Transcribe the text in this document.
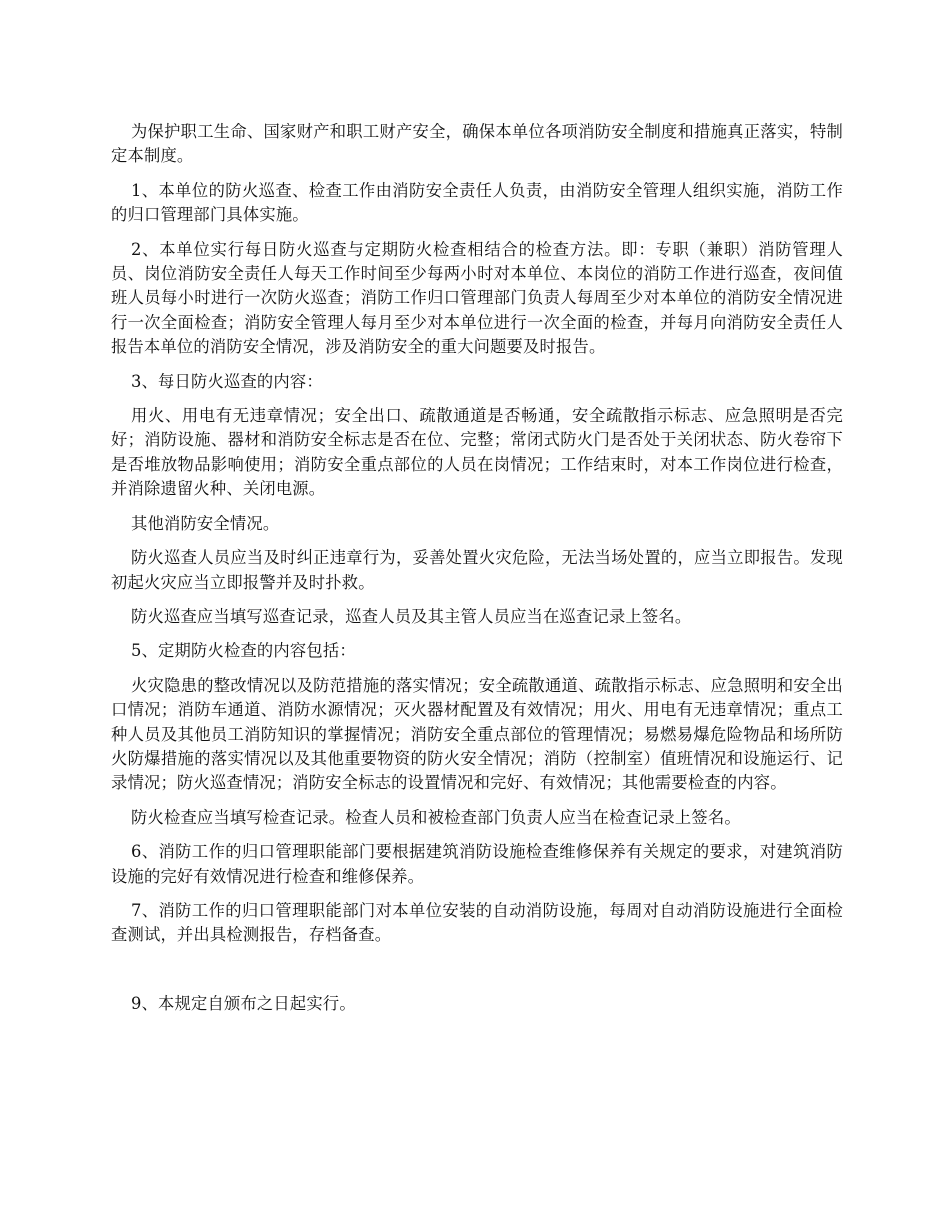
为保护职工生命、国家财产和职工财产安全，确保本单位各项消防安全制度和措施真正落实，特制定本制度。

1、本单位的防火巡查、检查工作由消防安全责任人负责，由消防安全管理人组织实施，消防工作的归口管理部门具体实施。

2、本单位实行每日防火巡查与定期防火检查相结合的检查方法。即：专职（兼职）消防管理人员、岗位消防安全责任人每天工作时间至少每两小时对本单位、本岗位的消防工作进行巡查，夜间值班人员每小时进行一次防火巡查；消防工作归口管理部门负责人每周至少对本单位的消防安全情况进行一次全面检查；消防安全管理人每月至少对本单位进行一次全面的检查，并每月向消防安全责任人报告本单位的消防安全情况，涉及消防安全的重大问题要及时报告。

3、每日防火巡查的内容：

用火、用电有无违章情况；安全出口、疏散通道是否畅通，安全疏散指示标志、应急照明是否完好；消防设施、器材和消防安全标志是否在位、完整；常闭式防火门是否处于关闭状态、防火卷帘下是否堆放物品影响使用；消防安全重点部位的人员在岗情况；工作结束时，对本工作岗位进行检查，并消除遗留火种、关闭电源。

其他消防安全情况。

防火巡查人员应当及时纠正违章行为，妥善处置火灾危险，无法当场处置的，应当立即报告。发现初起火灾应当立即报警并及时扑救。

防火巡查应当填写巡查记录，巡查人员及其主管人员应当在巡查记录上签名。

5、定期防火检查的内容包括：

火灾隐患的整改情况以及防范措施的落实情况；安全疏散通道、疏散指示标志、应急照明和安全出口情况；消防车通道、消防水源情况；灭火器材配置及有效情况；用火、用电有无违章情况；重点工种人员及其他员工消防知识的掌握情况；消防安全重点部位的管理情况；易燃易爆危险物品和场所防火防爆措施的落实情况以及其他重要物资的防火安全情况；消防（控制室）值班情况和设施运行、记录情况；防火巡查情况；消防安全标志的设置情况和完好、有效情况；其他需要检查的内容。

防火检查应当填写检查记录。检查人员和被检查部门负责人应当在检查记录上签名。

6、消防工作的归口管理职能部门要根据建筑消防设施检查维修保养有关规定的要求，对建筑消防设施的完好有效情况进行检查和维修保养。

7、消防工作的归口管理职能部门对本单位安装的自动消防设施，每周对自动消防设施进行全面检查测试，并出具检测报告，存档备查。

9、本规定自颁布之日起实行。
